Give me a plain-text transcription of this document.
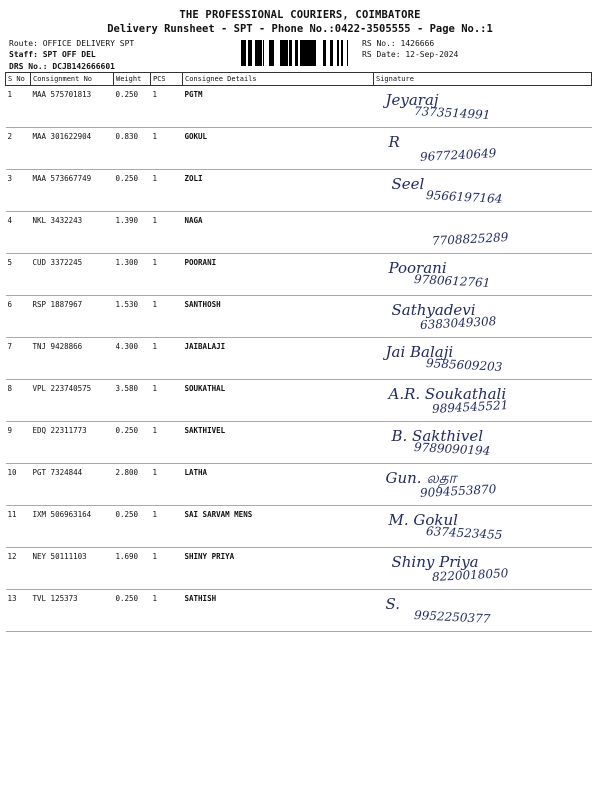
THE PROFESSIONAL COURIERS, COIMBATORE
Delivery Runsheet - SPT - Phone No.:0422-3505555 - Page No.:1
Route: OFFICE DELIVERY SPT
Staff: SPT OFF DEL
DRS No.: DCJB142666601
RS No.: 1426666
RS Date: 12-Sep-2024
S No	Consignment No	Weight	PCS	Consignee Details	Signature
1	MAA 575701813	0.250	1	PGTM	Jeyaraj
7373514991

2	MAA 301622904	0.830	1	GOKUL	R
9677240649

3	MAA 573667749	0.250	1	ZOLI	Seel
9566197164

4	NKL 3432243	1.390	1	NAGA	7708825289

5	CUD 3372245	1.300	1	POORANI	Poorani
9780612761

6	RSP 1887967	1.530	1	SANTHOSH	Sathyadevi
6383049308

7	TNJ 9428866	4.300	1	JAIBALAJI	Jai Balaji
9585609203

8	VPL 223740575	3.580	1	SOUKATHAL	A.R. Soukathali
9894545521

9	EDQ 22311773	0.250	1	SAKTHIVEL	B. Sakthivel
9789090194

10	PGT 7324844	2.800	1	LATHA	Gun. லதா
9094553870

11	IXM 506963164	0.250	1	SAI SARVAM MENS	M. Gokul
6374523455

12	NEY 50111103	1.690	1	SHINY PRIYA	Shiny Priya
8220018050

13	TVL 125373	0.250	1	SATHISH	S.
9952250377
